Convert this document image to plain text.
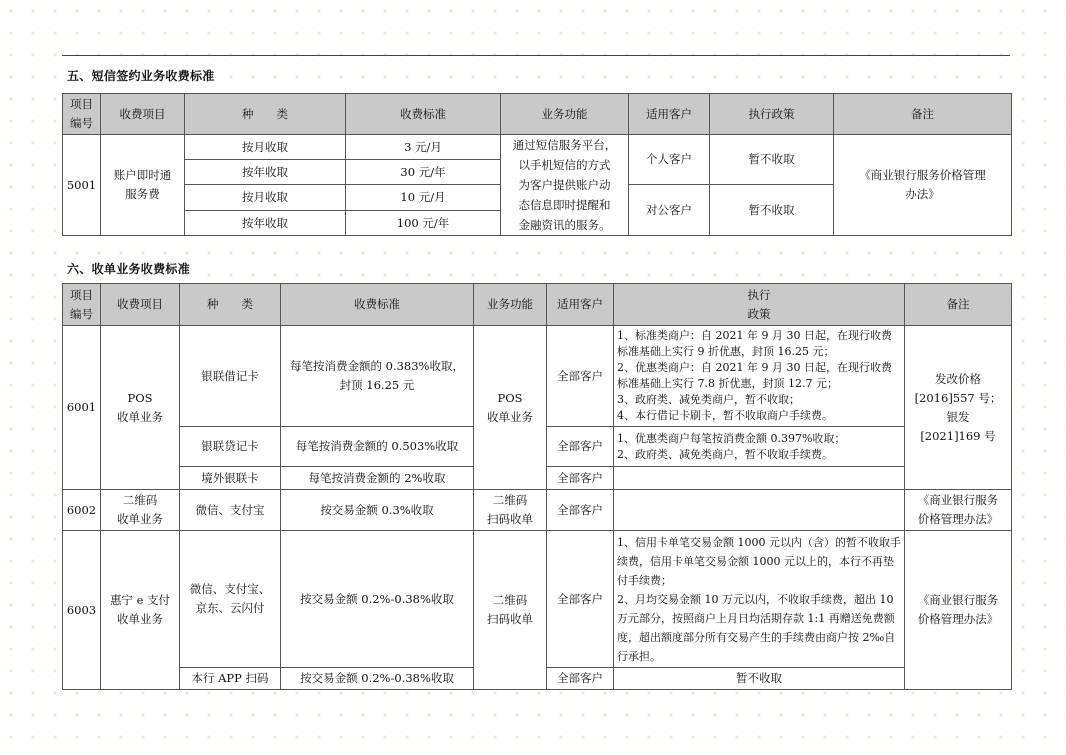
五、短信签约业务收费标准
项目
编号	收费项目	种　　类	收费标准	业务功能	适用客户	执行政策	备注
5001	账户即时通
服务费	按月收取	3 元/月	通过短信服务平台，
以手机短信的方式
为客户提供账户动
态信息即时提醒和
金融资讯的服务。	个人客户	暂不收取	《商业银行服务价格管理
办法》
		按年收取	30 元/年				
		按月收取	10 元/月		对公客户	暂不收取	
		按年收取	100 元/年				
六、收单业务收费标准
项目
编号	收费项目	种　　类	收费标准	业务功能	适用客户	执行
政策	备注
6001	POS
收单业务	银联借记卡	每笔按消费金额的 0.383%收取，
封顶 16.25 元	POS
收单业务	全部客户	1、标准类商户：自 2021 年 9 月 30 日起，在现行收费标准基础上实行 9 折优惠，封顶 16.25 元；
2、优惠类商户：自 2021 年 9 月 30 日起，在现行收费标准基础上实行 7.8 折优惠，封顶 12.7 元；
3、政府类、减免类商户，暂不收取；
4、本行借记卡刷卡，暂不收取商户手续费。	发改价格
[2016]557 号；
银发
[2021]169 号
		银联贷记卡	每笔按消费金额的 0.503%收取		全部客户	1、优惠类商户每笔按消费金额 0.397%收取；
2、政府类、减免类商户，暂不收取手续费。	
		境外银联卡	每笔按消费金额的 2%收取		全部客户		
6002	二维码
收单业务	微信、支付宝	按交易金额 0.3%收取	二维码
扫码收单	全部客户		《商业银行服务
价格管理办法》
6003	惠宁 e 支付
收单业务	微信、支付宝、
京东、云闪付	按交易金额 0.2%-0.38%收取	二维码
扫码收单	全部客户	1、信用卡单笔交易金额 1000 元以内（含）的暂不收取手续费，信用卡单笔交易金额 1000 元以上的，本行不再垫付手续费；
2、月均交易金额 10 万元以内，不收取手续费，超出 10 万元部分，按照商户上月日均活期存款 1:1 再赠送免费额度，超出额度部分所有交易产生的手续费由商户按 2‰自行承担。	《商业银行服务
价格管理办法》
		本行 APP 扫码	按交易金额 0.2%-0.38%收取		全部客户	暂不收取	
